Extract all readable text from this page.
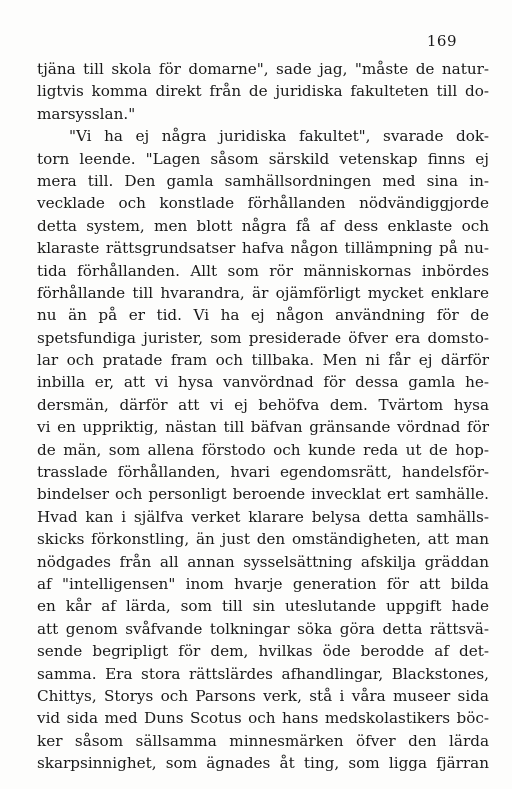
169
tjäna till skola för domarne", sade jag, "måste de natur-
ligtvis komma direkt från de juridiska fakulteten till do-
marsysslan."
"Vi ha ej några juridiska fakultet", svarade dok-
torn leende. "Lagen såsom särskild vetenskap finns ej
mera till. Den gamla samhällsordningen med sina in-
vecklade och konstlade förhållanden nödvändiggjorde
detta system, men blott några få af dess enklaste och
klaraste rättsgrundsatser hafva någon tillämpning på nu-
tida förhållanden. Allt som rör människornas inbördes
förhållande till hvarandra, är ojämförligt mycket enklare
nu än på er tid. Vi ha ej någon användning för de
spetsfundiga jurister, som presiderade öfver era domsto-
lar och pratade fram och tillbaka. Men ni får ej därför
inbilla er, att vi hysa vanvördnad för dessa gamla he-
dersmän, därför att vi ej behöfva dem. Tvärtom hysa
vi en uppriktig, nästan till bäfvan gränsande vördnad för
de män, som allena förstodo och kunde reda ut de hop-
trasslade förhållanden, hvari egendomsrätt, handelsför-
bindelser och personligt beroende invecklat ert samhälle.
Hvad kan i själfva verket klarare belysa detta samhälls-
skicks förkonstling, än just den omständigheten, att man
nödgades från all annan sysselsättning afskilja gräddan
af "intelligensen" inom hvarje generation för att bilda
en kår af lärda, som till sin uteslutande uppgift hade
att genom svåfvande tolkningar söka göra detta rättsvä-
sende begripligt för dem, hvilkas öde berodde af det-
samma. Era stora rättslärdes afhandlingar, Blackstones,
Chittys, Storys och Parsons verk, stå i våra museer sida
vid sida med Duns Scotus och hans medskolastikers böc-
ker såsom sällsamma minnesmärken öfver den lärda
skarpsinnighet, som ägnades åt ting, som ligga fjärran
